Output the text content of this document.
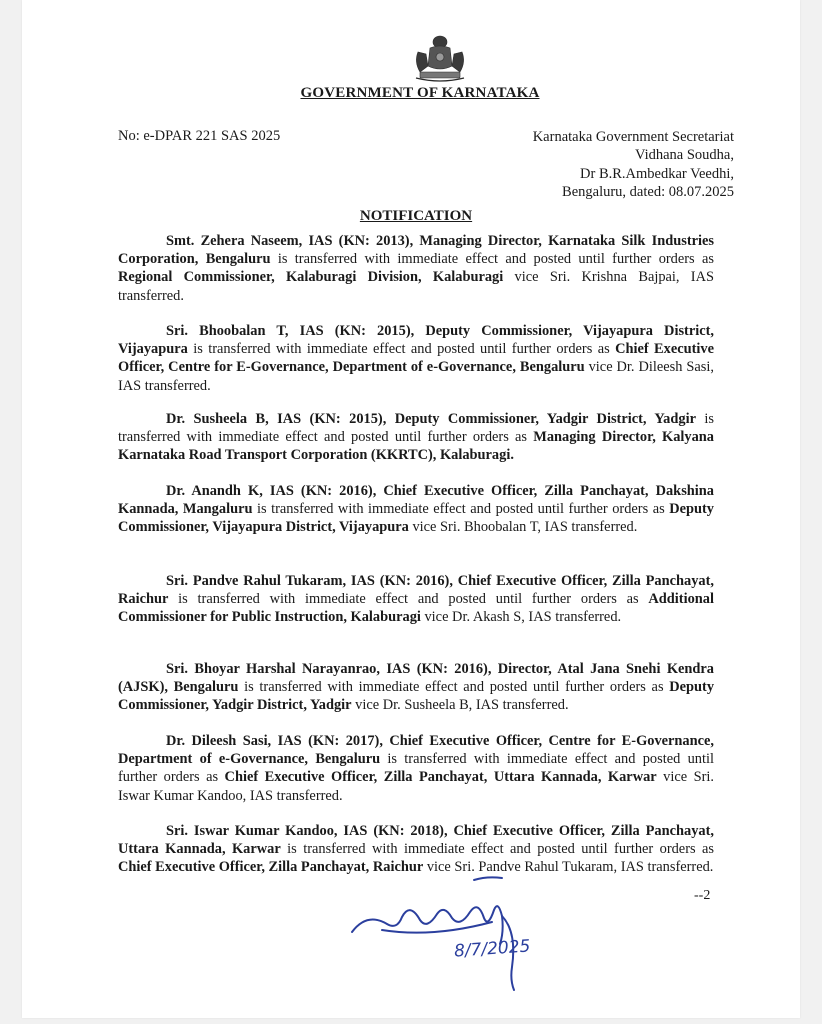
GOVERNMENT OF KARNATAKA
No: e-DPAR 221 SAS 2025	Karnataka Government Secretariat
Vidhana Soudha,
Dr B.R.Ambedkar Veedhi,
Bengaluru, dated: 08.07.2025
NOTIFICATION

Smt. Zehera Naseem, IAS (KN: 2013), Managing Director, Karnataka Silk Industries Corporation, Bengaluru is transferred with immediate effect and posted until further orders as Regional Commissioner, Kalaburagi Division, Kalaburagi vice Sri. Krishna Bajpai, IAS transferred.

Sri. Bhoobalan T, IAS (KN: 2015), Deputy Commissioner, Vijayapura District, Vijayapura is transferred with immediate effect and posted until further orders as Chief Executive Officer, Centre for E-Governance, Department of e-Governance, Bengaluru vice Dr. Dileesh Sasi, IAS transferred.

Dr. Susheela B, IAS (KN: 2015), Deputy Commissioner, Yadgir District, Yadgir is transferred with immediate effect and posted until further orders as Managing Director, Kalyana Karnataka Road Transport Corporation (KKRTC), Kalaburagi.

Dr. Anandh K, IAS (KN: 2016), Chief Executive Officer, Zilla Panchayat, Dakshina Kannada, Mangaluru is transferred with immediate effect and posted until further orders as Deputy Commissioner, Vijayapura District, Vijayapura vice Sri. Bhoobalan T, IAS transferred.

Sri. Pandve Rahul Tukaram, IAS (KN: 2016), Chief Executive Officer, Zilla Panchayat, Raichur is transferred with immediate effect and posted until further orders as Additional Commissioner for Public Instruction, Kalaburagi vice Dr. Akash S, IAS transferred.

Sri. Bhoyar Harshal Narayanrao, IAS (KN: 2016), Director, Atal Jana Snehi Kendra (AJSK), Bengaluru is transferred with immediate effect and posted until further orders as Deputy Commissioner, Yadgir District, Yadgir vice Dr. Susheela B, IAS transferred.

Dr. Dileesh Sasi, IAS (KN: 2017), Chief Executive Officer, Centre for E-Governance, Department of e-Governance, Bengaluru is transferred with immediate effect and posted until further orders as Chief Executive Officer, Zilla Panchayat, Uttara Kannada, Karwar vice Sri. Iswar Kumar Kandoo, IAS transferred.

Sri. Iswar Kumar Kandoo, IAS (KN: 2018), Chief Executive Officer, Zilla Panchayat, Uttara Kannada, Karwar is transferred with immediate effect and posted until further orders as Chief Executive Officer, Zilla Panchayat, Raichur vice Sri. Pandve Rahul Tukaram, IAS transferred.

--2
8/7/2025
